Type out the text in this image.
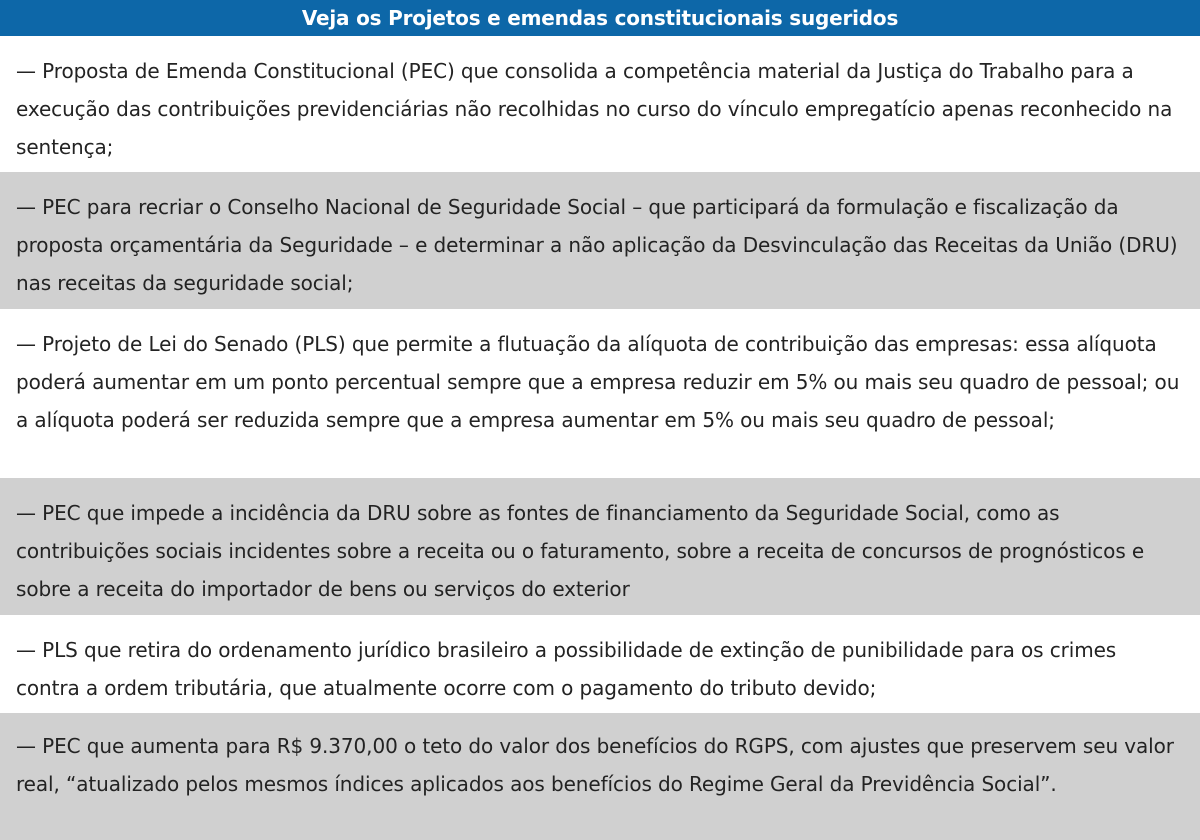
Veja os Projetos e emendas constitucionais sugeridos
— Proposta de Emenda Constitucional (PEC) que consolida a competência material da Justiça do Trabalho para a execução das contribuições previdenciárias não recolhidas no curso do vínculo empregatício apenas reconhecido na sentença;
— PEC para recriar o Conselho Nacional de Seguridade Social – que participará da formulação e fiscalização da proposta orçamentária da Seguridade – e determinar a não aplicação da Desvinculação das Receitas da União (DRU) nas receitas da seguridade social;
— Projeto de Lei do Senado (PLS) que permite a flutuação da alíquota de contribuição das empresas: essa alíquota poderá aumentar em um ponto percentual sempre que a empresa reduzir em 5% ou mais seu quadro de pessoal; ou a alíquota poderá ser reduzida sempre que a empresa aumentar em 5% ou mais seu quadro de pessoal;
— PEC que impede a incidência da DRU sobre as fontes de financiamento da Seguridade Social, como as contribuições sociais incidentes sobre a receita ou o faturamento, sobre a receita de concursos de prognósticos e sobre a receita do importador de bens ou serviços do exterior
— PLS que retira do ordenamento jurídico brasileiro a possibilidade de extinção de punibilidade para os crimes contra a ordem tributária, que atualmente ocorre com o pagamento do tributo devido;
— PEC que aumenta para R$ 9.370,00 o teto do valor dos benefícios do RGPS, com ajustes que preservem seu valor real, “atualizado pelos mesmos índices aplicados aos benefícios do Regime Geral da Previdência Social”.
